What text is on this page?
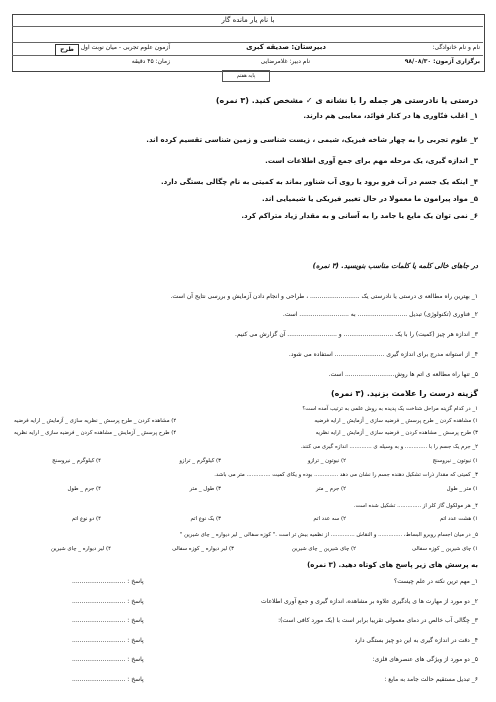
با نام یار مانده گار
نام و نام خانوادگی:
دبیرستان: صدیقه کبری
آزمون علوم تجربی - میان نوبت اول
طرح
برگزاری آزمون: ۹۸/۰۸/۳۰
نام دبیر: غلامرضایی
زمان: ۴۵ دقیقه
پایه هفتم
درستی یا نادرستی هر جمله را با نشانه ی ✓ مشخص کنید. (۳ نمره)
۱_ اغلب فنّاوری ها در کنار فوائد، معایبی هم دارند.
۲_ علوم تجربی را به چهار شاخه فیزیک، شیمی ، زیست شناسی و زمین شناسی تقسیم کرده اند.
۳_ اندازه گیری، یک مرحله مهم برای جمع آوری اطلاعات است.
۴_ اینکه یک جسم در آب فرو برود یا روی آب شناور بماند به کمیتی به نام چگالی بستگی دارد.
۵_ مواد پیرامون ما معمولا در حال تغییر فیزیکی یا شیمیایی اند.
۶_ نمی توان یک مایع یا جامد را به آسانی و به مقدار زیاد متراکم کرد.
در جاهای خالی کلمه یا کلمات مناسب بنویسید. (۳ نمره)
۱_ بهترین راه مطالعه ی درستی یا نادرستی یک .......................... ، طراحی و انجام دادن آزمایش و بررسی نتایج آن است.
۲_ فناوری (تکنولوژی) تبدیل .......................... به .......................... است.
۳_ اندازه هر چیز (کمیت) را با یک .......................... و .......................... آن گزارش می کنیم.
۴_ از استوانه مدرج برای اندازه گیری .......................... استفاده می شود.
۵_ تنها راه مطالعه ی اتم ها روش.......................... است.
گزینه درست را علامت بزنید. (۳ نمره)
۱_ در کدام گزینه مراحل شناخت یک پدیده به روش علمی به ترتیب آمده است؟
۱) مشاهده کردن _ طرح پرسش _ فرضیه سازی _ آزمایش _ ارایه فرضیه
۲) مشاهده کردن _ طرح پرسش _ نظریه سازی _ آزمایش _ ارایه فرضیه
۳) طرح پرسش _ مشاهده کردن _ فرضیه سازی _ آزمایش _ ارایه نظریه
۴) طرح پرسش _ آزمایش _ مشاهده کردن _ فرضیه سازی _ ارایه نظریه
۲_ جرم یک جسم را با ............. و به وسیله ی ............. اندازه گیری می کنند.
۱) نیوتون _ نیروسنج
۲) نیوتون _ ترازو
۳) کیلوگرم _ ترازو
۴) کیلوگرم _ نیروسنج
۳_ کمیتی که مقدار ذرات تشکیل دهنده جسم را نشان می دهد .............. بوده و یکای کمیت .............. متر می باشد.
۱) متر _ طول
۲) جرم _ متر
۳) طول _ متر
۴) جرم _ طول
۴_ هر مولکول گاز کلر از .............. تشکیل شده است.
۱) هشت عدد اتم
۲) سه عدد اتم
۳) یک نوع اتم
۴) دو نوع اتم
۵_ در میان اجسام روبرو البساط، .............. و النقاش .............. از نظمیه بیش تر است ." کوزه سفالی _ لیر دیواره _ چای شیرین "
۱) چای شیرین _ کوزه سفالی
۲) چای شیرین _ چای شیرین
۳) لیر دیواره _ کوزه سفالی
۴) لیر دیواره _ چای شیرین
به پرسش های زیر پاسخ های کوتاه دهید. (۳ نمره)
۱_ مهم ترین نکته در علم چیست؟
پاسخ : ............................
۲_ دو مورد از مهارت ها ی یادگیری علاوه بر مشاهده، اندازه گیری و جمع آوری اطلاعات
پاسخ : ............................
۳_ چگالی آب خالص در دمای معمولی تقریبا برابر است با (یک مورد کافی است):
پاسخ : ............................
۴_ دقت در اندازه گیری به این دو چیز بستگی دارد
پاسخ : ............................
۵_ دو مورد از ویژگی های عنصرهای فلزی:
پاسخ : ............................
۶_ تبدیل مستقیم حالت جامد به مایع :
پاسخ : ............................
